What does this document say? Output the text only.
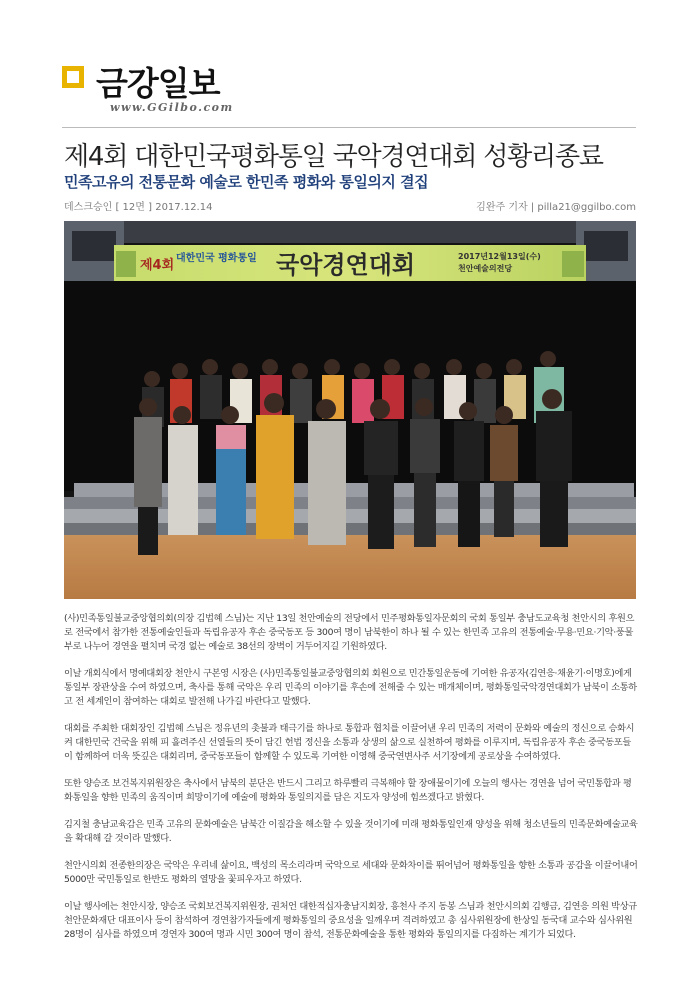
금강일보
www.GGilbo.com
제4회 대한민국평화통일 국악경연대회 성황리종료
민족고유의 전통문화 예술로 한민족 평화와 통일의지 결집
데스크승인 [ 12면 ] 2017.12.14	김완주 기자 | pilla21@ggilbo.com
제4회 대한민국 평화통일 국악경연대회	2017년12월13일(수)
천안예술의전당

(사)민족통일불교중앙협의회(의장 김법혜 스님)는 지난 13일 천안예술의 전당에서 민주평화통일자문회의 국회 통일부 충남도교육청 천안시의 후원으로 전국에서 참가한 전통예술인들과 독립유공자 후손 중국동포 등 300여 명이 남북한이 하나 될 수 있는 한민족 고유의 전통예술·무용·민요·기악·풍물부로 나누어 경연을 펼치며 국경 없는 예술로 38선의 장벽이 거두어지길 기원하였다.

이날 개회식에서 명예대회장 천안시 구본영 시장은 (사)민족통일불교중앙협의회 회원으로 민간통일운동에 기여한 유공자(김연응·채윤기·이명호)에게 통일부 장관상을 수여 하였으며, 축사를 통해 국악은 우리 민족의 이야기를 후손에 전해줄 수 있는 매개체이며, 평화통일국악경연대회가 남북이 소통하고 전 세계인이 참여하는 대회로 발전해 나가길 바란다고 말했다.

대회를 주최한 대회장인 김법혜 스님은 정유년의 촛불과 태극기를 하나로 통합과 협치를 이끌어낸 우리 민족의 저력이 문화와 예술의 정신으로 승화시켜 대한민국 건국을 위해 피 흘려주신 선열들의 뜻이 담긴 헌법 정신을 소통과 상생의 삶으로 실천하여 평화를 이루지며, 독립유공자 후손 중국동포들이 함께하여 더욱 뜻깊은 대회리며, 중국동포들이 함께할 수 있도록 기여한 이영해 중국연변사주 서기장에게 공로상을 수여하였다.

또한 양승조 보건복지위원장은 축사에서 남북의 분단은 반드시 그리고 하루빨리 극복해야 할 장애물이기에 오늘의 행사는 경연을 넘어 국민통합과 평화통일을 향한 민족의 움직이며 희망이기에 예술에 평화와 통일의지를 담은 지도자 양성에 힘쓰겠다고 밝혔다.

김지철 충남교육감은 민족 고유의 문화예술은 남북간 이질감을 해소할 수 있을 것이기에 미래 평화통일인재 양성을 위해 청소년들의 민족문화예술교육을 확대해 갈 것이라 말했다.

천안시의회 전종한의장은 국악은 우리네 삶이요, 백성의 목소리라며 국악으로 세대와 문화차이를 뛰어넘어 평화통일을 향한 소통과 공감을 이끌어내어 5000만 국민통일로 한반도 평화의 열망을 꽃피우자고 하였다.

이날 행사에는 천안시장, 양승조 국회보건복지위원장, 권처언 대한적십자충남지회장, 흥천사 주지 동봉 스님과 천안시의회 김행금, 김연응 의원 박상규 천안문화재단 대표이사 등이 참석하여 경연참가자들에게 평화통일의 중요성을 일깨우며 격려하였고 총 심사위원장에 한상일 동국대 교수와 심사위원 28명이 심사를 하였으며 경연자 300여 명과 시민 300여 명이 참석, 전통문화예술을 통한 평화와 통일의지를 다짐하는 계기가 되었다.
